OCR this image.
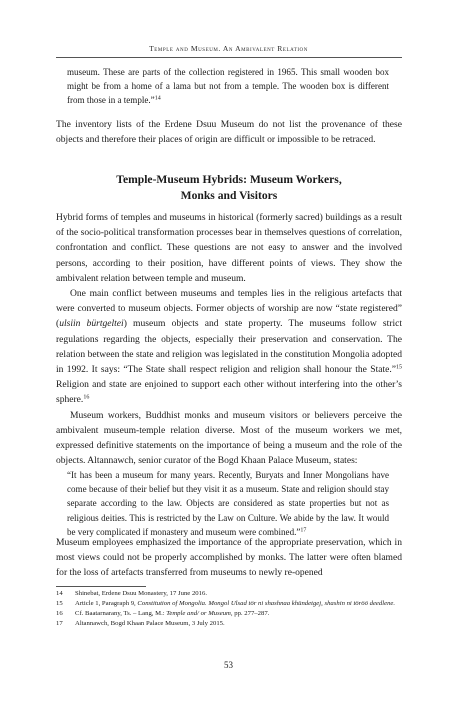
Temple and Museum. An Ambivalent Relation

museum. These are parts of the collection registered in 1965. This small wooden box might be from a home of a lama but not from a temple. The wooden box is different from those in a temple.”$^{14}$

The inventory lists of the Erdene Dsuu Museum do not list the provenance of these objects and therefore their places of origin are difficult or impossible to be retraced.

Temple-Museum Hybrids: Museum Workers,
Monks and Visitors

Hybrid forms of temples and museums in historical (formerly sacred) buildings as a result of the socio-political transformation processes bear in themselves questions of correlation, confrontation and conflict. These questions are not easy to answer and the involved persons, according to their position, have different points of views. They show the ambivalent relation between temple and museum.

One main conflict between museums and temples lies in the religious artefacts that were converted to museum objects. Former objects of worship are now “state registered” (ulsiin bürtgeltei) museum objects and state property. The museums follow strict regulations regarding the objects, especially their preservation and conservation. The relation between the state and religion was legislated in the constitution Mongolia adopted in 1992. It says: “The State shall respect religion and religion shall honour the State.”$^{15}$ Religion and state are enjoined to support each other without interfering into the other’s sphere.$^{16}$

Museum workers, Buddhist monks and museum visitors or believers perceive the ambivalent museum-temple relation diverse. Most of the museum workers we met, expressed definitive statements on the importance of being a museum and the role of the objects. Altannawch, senior curator of the Bogd Khaan Palace Museum, states:

“It has been a museum for many years. Recently, Buryats and Inner Mongolians have come because of their belief but they visit it as a museum. State and religion should stay separate according to the law. Objects are considered as state properties but not as religious deities. This is restricted by the Law on Culture. We abide by the law. It would be very complicated if monastery and museum were combined.”$^{17}$

Museum employees emphasized the importance of the appropriate preservation, which in most views could not be properly accomplished by monks. The latter were often blamed for the loss of artefacts transferred from museums to newly re-opened

14 Shinebat, Erdene Dsuu Monastery, 17 June 2016.

15 Article 1, Paragraph 9, Constitution of Mongolia. Mongol Ulsad tör ni shashnaa khündetgej, shashin ni töröö deedlene.

16 Cf. Baatarnarany, Ts. – Lang, M.: Temple and/ or Museum, pp. 277–287.

17 Altannawch, Bogd Khaan Palace Museum, 3 July 2015.

53
